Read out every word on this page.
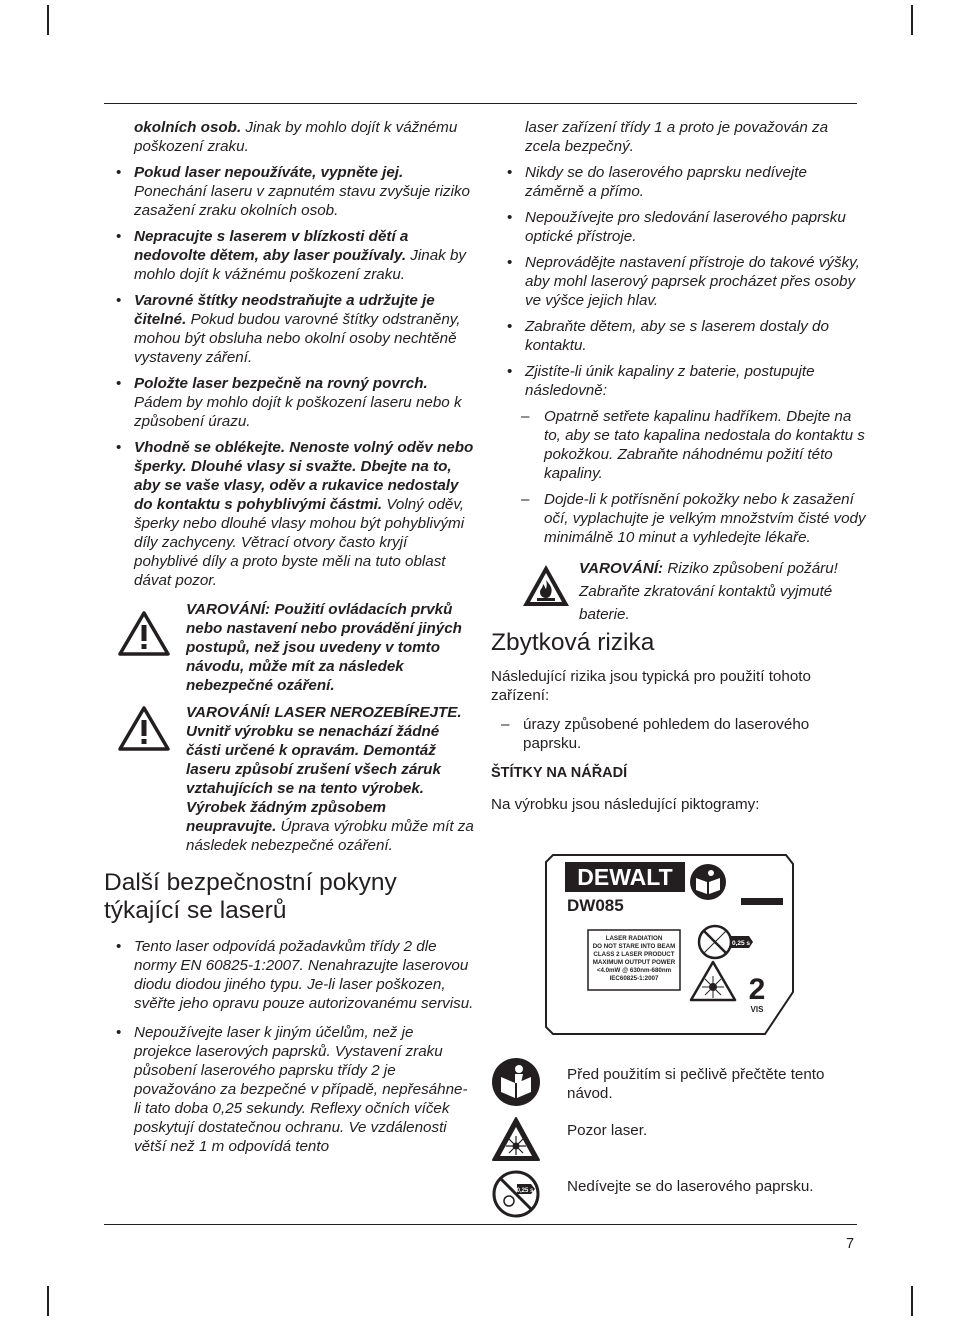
okolních osob. Jinak by mohlo dojít k vážnému poškození zraku.

• Pokud laser nepoužíváte, vypněte jej. Ponechání laseru v zapnutém stavu zvyšuje riziko zasažení zraku okolních osob.
• Nepracujte s laserem v blízkosti dětí a nedovolte dětem, aby laser používaly. Jinak by mohlo dojít k vážnému poškození zraku.
• Varovné štítky neodstraňujte a udržujte je čitelné. Pokud budou varovné štítky odstraněny, mohou být obsluha nebo okolní osoby nechtěně vystaveny záření.
• Položte laser bezpečně na rovný povrch. Pádem by mohlo dojít k poškození laseru nebo k způsobení úrazu.
• Vhodně se oblékejte. Nenoste volný oděv nebo šperky. Dlouhé vlasy si svažte. Dbejte na to, aby se vaše vlasy, oděv a rukavice nedostaly do kontaktu s pohyblivými částmi. Volný oděv, šperky nebo dlouhé vlasy mohou být pohyblivými díly zachyceny. Větrací otvory často kryjí pohyblivé díly a proto byste měli na tuto oblast dávat pozor.

VAROVÁNÍ: Použití ovládacích prvků nebo nastavení nebo provádění jiných postupů, než jsou uvedeny v tomto návodu, může mít za následek nebezpečné ozáření.

VAROVÁNÍ! LASER NEROZEBÍREJTE. Uvnitř výrobku se nenachází žádné části určené k opravám. Demontáž laseru způsobí zrušení všech záruk vztahujících se na tento výrobek. Výrobek žádným způsobem neupravujte. Úprava výrobku může mít za následek nebezpečné ozáření.

Další bezpečnostní pokyny týkající se laserů
• Tento laser odpovídá požadavkům třídy 2 dle normy EN 60825-1:2007. Nenahrazujte laserovou diodu diodou jiného typu. Je-li laser poškozen, svěřte jeho opravu pouze autorizovanému servisu.
• Nepoužívejte laser k jiným účelům, než je projekce laserových paprsků. Vystavení zraku působení laserového paprsku třídy 2 je považováno za bezpečné v případě, nepřesáhne-li tato doba 0,25 sekundy. Reflexy očních víček poskytují dostatečnou ochranu. Ve vzdálenosti větší než 1 m odpovídá tento

laser zařízení třídy 1 a proto je považován za zcela bezpečný.

• Nikdy se do laserového paprsku nedívejte záměrně a přímo.
• Nepoužívejte pro sledování laserového paprsku optické přístroje.
• Neprovádějte nastavení přístroje do takové výšky, aby mohl laserový paprsek procházet přes osoby ve výšce jejich hlav.
• Zabraňte dětem, aby se s laserem dostaly do kontaktu.
• Zjistíte-li únik kapaliny z baterie, postupujte následovně:
– Opatrně setřete kapalinu hadříkem. Dbejte na to, aby se tato kapalina nedostala do kontaktu s pokožkou. Zabraňte náhodnému požití této kapaliny.
– Dojde-li k potřísnění pokožky nebo k zasažení očí, vyplachujte je velkým množstvím čisté vody minimálně 10 minut a vyhledejte lékaře.

VAROVÁNÍ: Riziko způsobení požáru!
Zabraňte zkratování kontaktů vyjmuté
baterie.

Zbytková rizika

Následující rizika jsou typická pro použití tohoto zařízení:

– úrazy způsobené pohledem do laserového paprsku.

ŠTÍTKY NA NÁŘADÍ

Na výrobku jsou následující piktogramy:

DEWALT
DW085
LASER RADIATION
DO NOT STARE INTO BEAM
CLASS 2 LASER PRODUCT
MAXIMUM OUTPUT POWER
<4.0mW @ 630nm-680nm
IEC60825-1:2007
0,25 s
2
VIS

Před použitím si pečlivě přečtěte tento návod.

Pozor laser.

0,25 s Nedívejte se do laserového paprsku.

7
